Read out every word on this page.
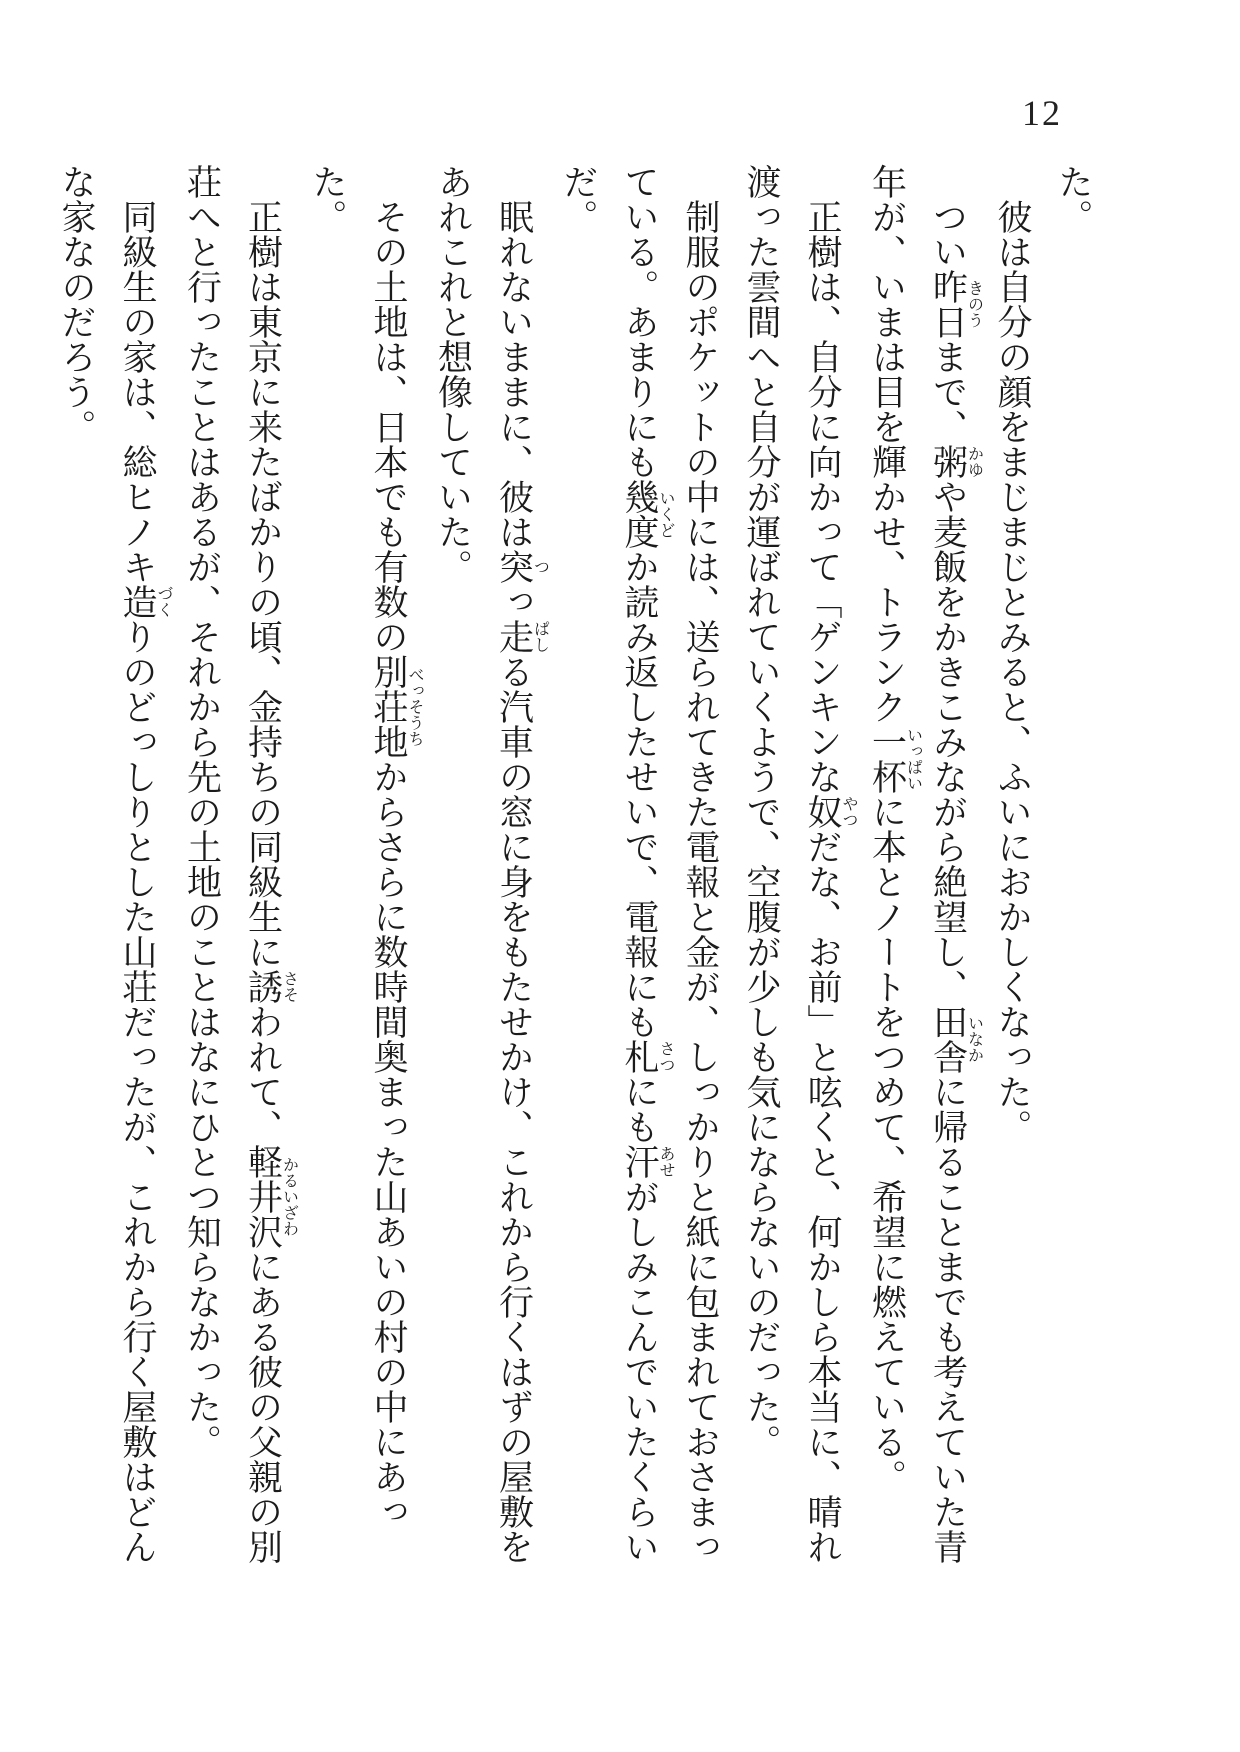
12

た。

彼は自分の顔をまじまじとみると、ふいにおかしくなった。

つい昨日きのうまで、粥かゆや麦飯をかきこみながら絶望し、田舎いなかに帰ることまでも考えていた青年が、いまは目を輝かせ、トランク一杯いっぱいに本とノートをつめて、希望に燃えている。

正樹は、自分に向かって「ゲンキンな奴やつだな、お前」と呟くと、何かしら本当に、晴れ渡った雲間へと自分が運ばれていくようで、空腹が少しも気にならないのだった。

制服のポケットの中には、送られてきた電報と金が、しっかりと紙に包まれておさまっている。あまりにも幾度いくどか読み返したせいで、電報にも札さつにも汗あせがしみこんでいたくらいだ。

眠れないままに、彼は突つっ走ぱしる汽車の窓に身をもたせかけ、これから行くはずの屋敷をあれこれと想像していた。

その土地は、日本でも有数の別荘地べっそうちからさらに数時間奥まった山あいの村の中にあった。

正樹は東京に来たばかりの頃、金持ちの同級生に誘さそわれて、軽井沢かるいざわにある彼の父親の別荘へと行ったことはあるが、それから先の土地のことはなにひとつ知らなかった。

同級生の家は、総ヒノキ造づくりのどっしりとした山荘だったが、これから行く屋敷はどんな家なのだろう。
